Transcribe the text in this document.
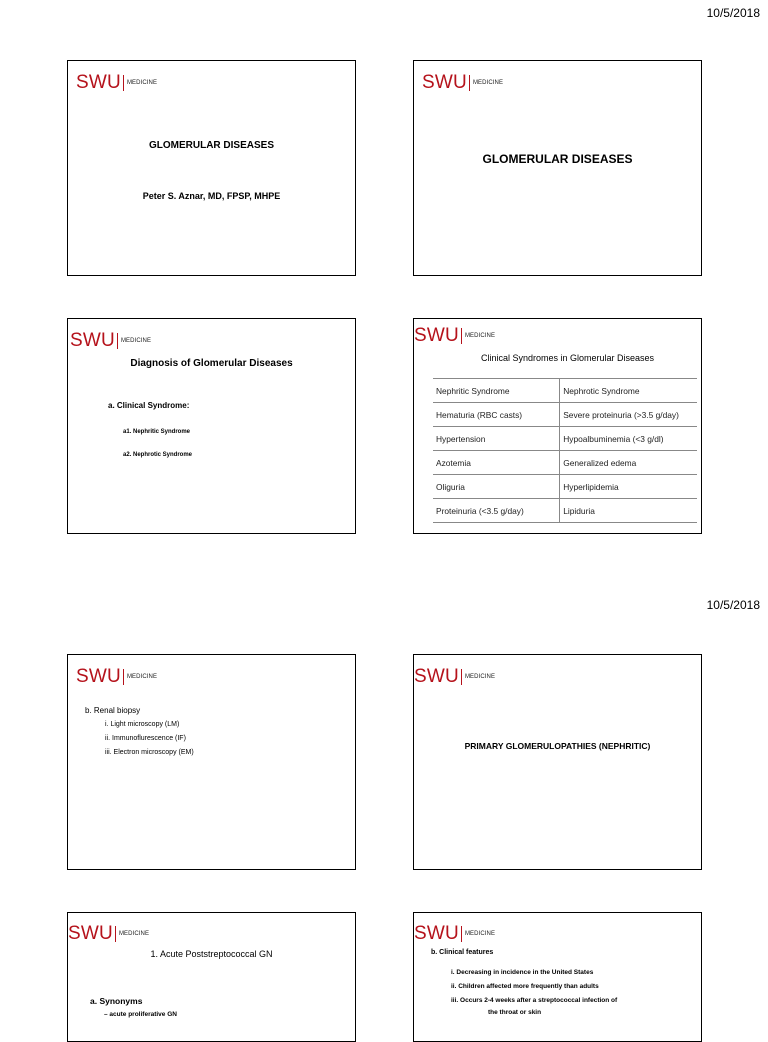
10/5/2018
10/5/2018
SWU MEDICINE
GLOMERULAR DISEASES
Peter S. Aznar, MD, FPSP, MHPE
SWU MEDICINE
GLOMERULAR DISEASES
SWU MEDICINE
Diagnosis of Glomerular Diseases
a. Clinical Syndrome:
a1. Nephritic Syndrome
a2. Nephrotic Syndrome
SWU MEDICINE
Clinical Syndromes in Glomerular Diseases
Nephritic Syndrome	Nephrotic Syndrome
Hematuria (RBC casts)	Severe proteinuria (>3.5 g/day)
Hypertension	Hypoalbuminemia (<3 g/dl)
Azotemia	Generalized edema
Oliguria	Hyperlipidemia
Proteinuria (<3.5 g/day)	Lipiduria
SWU MEDICINE
b. Renal biopsy
i. Light microscopy (LM)
ii. Immunoflurescence (IF)
iii. Electron microscopy (EM)
SWU MEDICINE
PRIMARY GLOMERULOPATHIES (NEPHRITIC)
SWU MEDICINE
1. Acute Poststreptococcal GN
a. Synonyms
– acute proliferative GN
SWU MEDICINE
b. Clinical features
i. Decreasing in incidence in the United States
ii. Children affected more frequently than adults
iii. Occurs 2-4 weeks after a streptococcal infection of
the throat or skin
